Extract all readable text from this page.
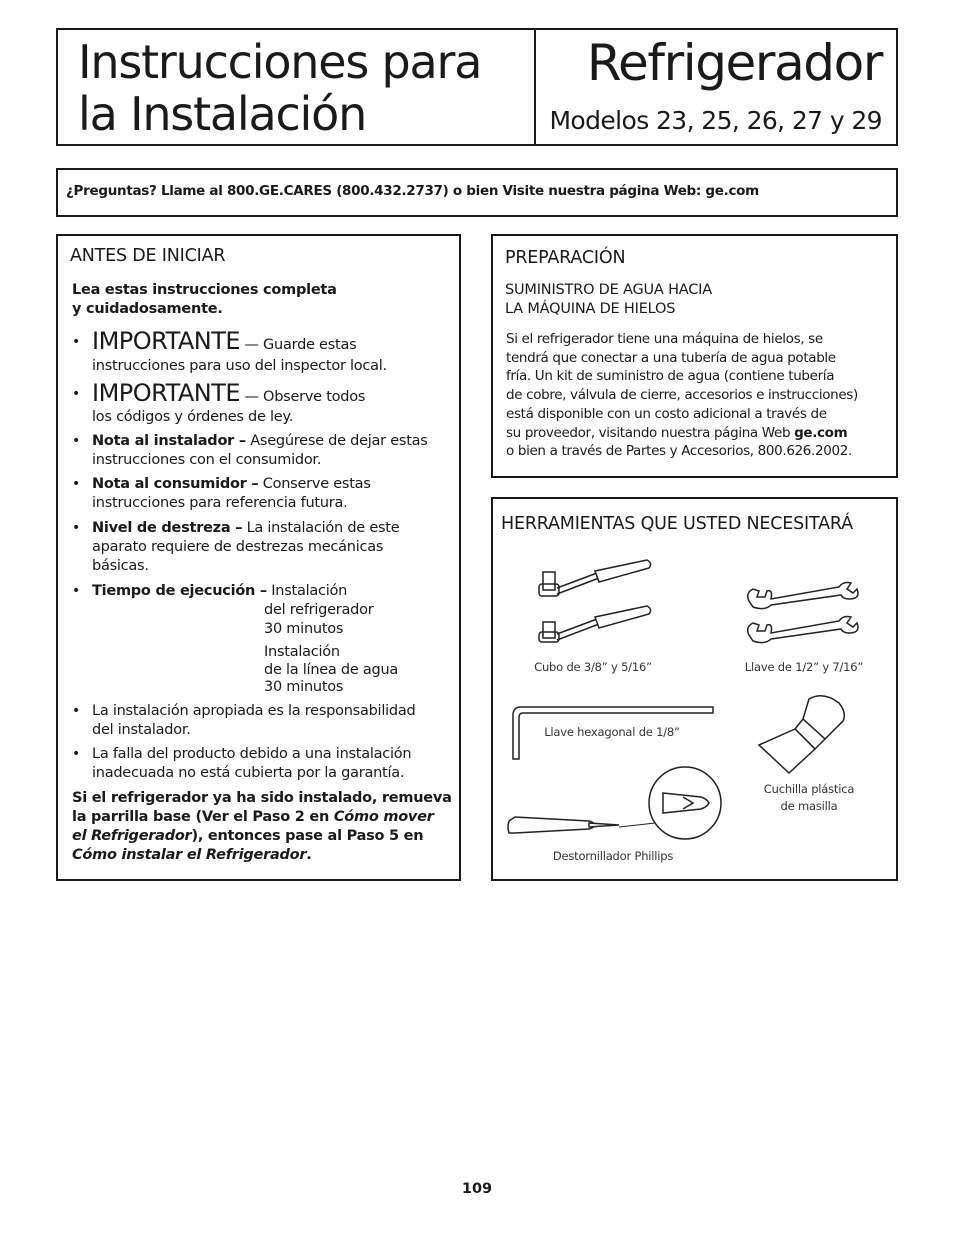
Instrucciones para
la Instalación
Refrigerador
Modelos 23, 25, 26, 27 y 29
¿Preguntas? Llame al 800.GE.CARES (800.432.2737) o bien Visite nuestra página Web: ge.com
ANTES DE INICIAR
Lea estas instrucciones completa
y cuidadosamente.
• IMPORTANTE — Guarde estas
instrucciones para uso del inspector local.
• IMPORTANTE — Observe todos
los códigos y órdenes de ley.
• Nota al instalador – Asegúrese de dejar estas
instrucciones con el consumidor.
• Nota al consumidor – Conserve estas
instrucciones para referencia futura.
• Nivel de destreza – La instalación de este
aparato requiere de destrezas mecánicas
básicas.
• Tiempo de ejecución – Instalación
del refrigerador
30 minutos
Instalación
de la línea de agua
30 minutos
• La instalación apropiada es la responsabilidad
del instalador.
• La falla del producto debido a una instalación
inadecuada no está cubierta por la garantía.
Si el refrigerador ya ha sido instalado, remueva
la parrilla base (Ver el Paso 2 en Cómo mover
el Refrigerador), entonces pase al Paso 5 en
Cómo instalar el Refrigerador.
PREPARACIÓN
SUMINISTRO DE AGUA HACIA
LA MÁQUINA DE HIELOS
Si el refrigerador tiene una máquina de hielos, se
tendrá que conectar a una tubería de agua potable
fría. Un kit de suministro de agua (contiene tubería
de cobre, válvula de cierre, accesorios e instrucciones)
está disponible con un costo adicional a través de
su proveedor, visitando nuestra página Web ge.com
o bien a través de Partes y Accesorios, 800.626.2002.
HERRAMIENTAS QUE USTED NECESITARÁ
Cubo de 3/8” y 5/16”	Llave de 1/2” y 7/16”
Llave hexagonal de 1/8”
Cuchilla plástica
de masilla
Destornillador Phillips
109
